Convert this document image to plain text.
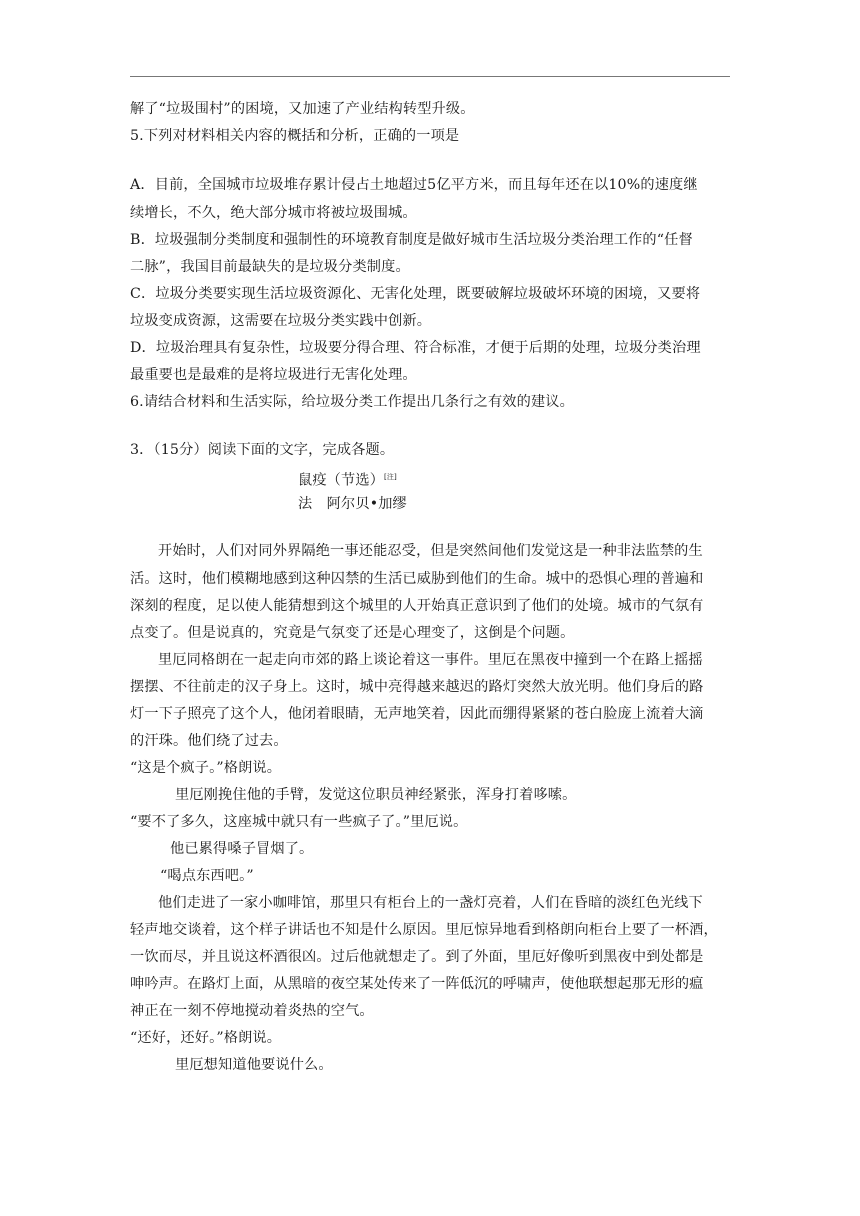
解了“垃圾围村”的困境，又加速了产业结构转型升级。
5.下列对材料相关内容的概括和分析，正确的一项是
A．目前，全国城市垃圾堆存累计侵占土地超过5亿平方米，而且每年还在以10%的速度继
续增长，不久，绝大部分城市将被垃圾围城。
B．垃圾强制分类制度和强制性的环境教育制度是做好城市生活垃圾分类治理工作的“任督
二脉”，我国目前最缺失的是垃圾分类制度。
C．垃圾分类要实现生活垃圾资源化、无害化处理，既要破解垃圾破坏环境的困境，又要将
垃圾变成资源，这需要在垃圾分类实践中创新。
D．垃圾治理具有复杂性，垃圾要分得合理、符合标准，才便于后期的处理，垃圾分类治理
最重要也是最难的是将垃圾进行无害化处理。
6.请结合材料和生活实际，给垃圾分类工作提出几条行之有效的建议。
3．（15分）阅读下面的文字，完成各题。
鼠疫（节选）[注]
法　阿尔贝•加缪
开始时，人们对同外界隔绝一事还能忍受，但是突然间他们发觉这是一种非法监禁的生
活。这时，他们模糊地感到这种囚禁的生活已威胁到他们的生命。城中的恐惧心理的普遍和
深刻的程度，足以使人能猜想到这个城里的人开始真正意识到了他们的处境。城市的气氛有
点变了。但是说真的，究竟是气氛变了还是心理变了，这倒是个问题。
里厄同格朗在一起走向市郊的路上谈论着这一事件。里厄在黑夜中撞到一个在路上摇摇
摆摆、不往前走的汉子身上。这时，城中亮得越来越迟的路灯突然大放光明。他们身后的路
灯一下子照亮了这个人，他闭着眼睛，无声地笑着，因此而绷得紧紧的苍白脸庞上流着大滴
的汗珠。他们绕了过去。
“这是个疯子。”格朗说。
里厄刚挽住他的手臂，发觉这位职员神经紧张，浑身打着哆嗦。
“要不了多久，这座城中就只有一些疯子了。”里厄说。
他已累得嗓子冒烟了。
“喝点东西吧。”
他们走进了一家小咖啡馆，那里只有柜台上的一盏灯亮着，人们在昏暗的淡红色光线下
轻声地交谈着，这个样子讲话也不知是什么原因。里厄惊异地看到格朗向柜台上要了一杯酒，
一饮而尽，并且说这杯酒很凶。过后他就想走了。到了外面，里厄好像听到黑夜中到处都是
呻吟声。在路灯上面，从黑暗的夜空某处传来了一阵低沉的呼啸声，使他联想起那无形的瘟
神正在一刻不停地搅动着炎热的空气。
“还好，还好。”格朗说。
里厄想知道他要说什么。
